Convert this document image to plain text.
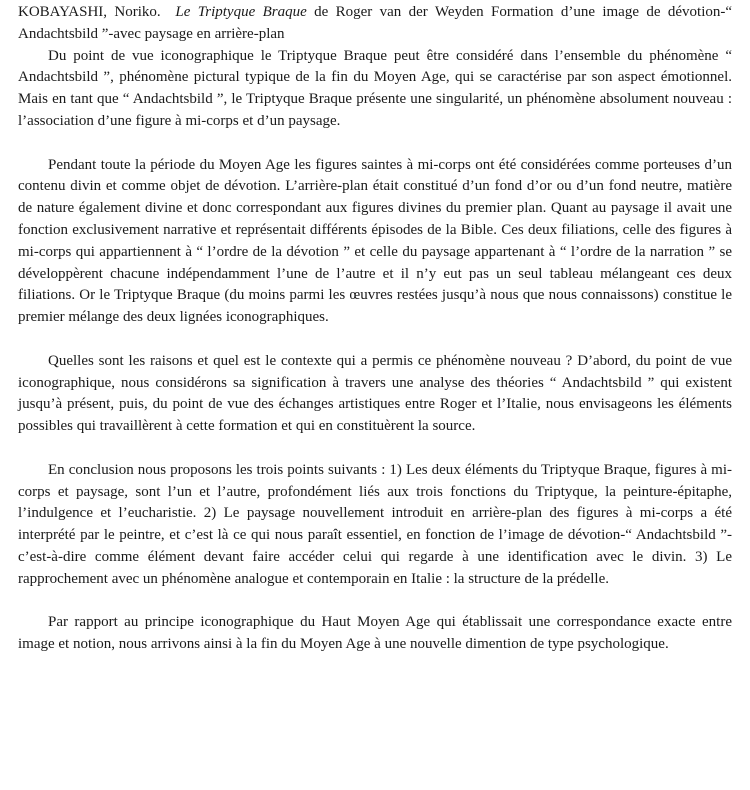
KOBAYASHI, Noriko. Le Triptyque Braque de Roger van der Weyden Formation d’une image de dévotion-“ Andachtsbild ”-avec paysage en arrière-plan

Du point de vue iconographique le Triptyque Braque peut être considéré dans l’ensemble du phénomène “ Andachtsbild ”, phénomène pictural typique de la fin du Moyen Age, qui se caractérise par son aspect émotionnel. Mais en tant que “ Andachtsbild ”, le Triptyque Braque présente une singularité, un phénomène absolument nouveau : l’association d’une figure à mi-corps et d’un paysage.

Pendant toute la période du Moyen Age les figures saintes à mi-corps ont été considérées comme porteuses d’un contenu divin et comme objet de dévotion. L’arrière-plan était constitué d’un fond d’or ou d’un fond neutre, matière de nature également divine et donc correspondant aux figures divines du premier plan. Quant au paysage il avait une fonction exclusivement narrative et représentait différents épisodes de la Bible. Ces deux filiations, celle des figures à mi-corps qui appartiennent à “ l’ordre de la dévotion ” et celle du paysage appartenant à “ l’ordre de la narration ” se développèrent chacune indépendamment l’une de l’autre et il n’y eut pas un seul tableau mélangeant ces deux filiations. Or le Triptyque Braque (du moins parmi les œuvres restées jusqu’à nous que nous connaissons) constitue le premier mélange des deux lignées iconographiques.

Quelles sont les raisons et quel est le contexte qui a permis ce phénomène nouveau ? D’abord, du point de vue iconographique, nous considérons sa signification à travers une analyse des théories “ Andachtsbild ” qui existent jusqu’à présent, puis, du point de vue des échanges artistiques entre Roger et l’Italie, nous envisageons les éléments possibles qui travaillèrent à cette formation et qui en constituèrent la source.

En conclusion nous proposons les trois points suivants : 1) Les deux éléments du Triptyque Braque, figures à mi-corps et paysage, sont l’un et l’autre, profondément liés aux trois fonctions du Triptyque, la peinture-épitaphe, l’indulgence et l’eucharistie. 2) Le paysage nouvellement introduit en arrière-plan des figures à mi-corps a été interprété par le peintre, et c’est là ce qui nous paraît essentiel, en fonction de l’image de dévotion-“ Andachtsbild ”-c’est-à-dire comme élément devant faire accéder celui qui regarde à une identification avec le divin. 3) Le rapprochement avec un phénomène analogue et contemporain en Italie : la structure de la prédelle.

Par rapport au principe iconographique du Haut Moyen Age qui établissait une correspondance exacte entre image et notion, nous arrivons ainsi à la fin du Moyen Age à une nouvelle dimention de type psychologique.
